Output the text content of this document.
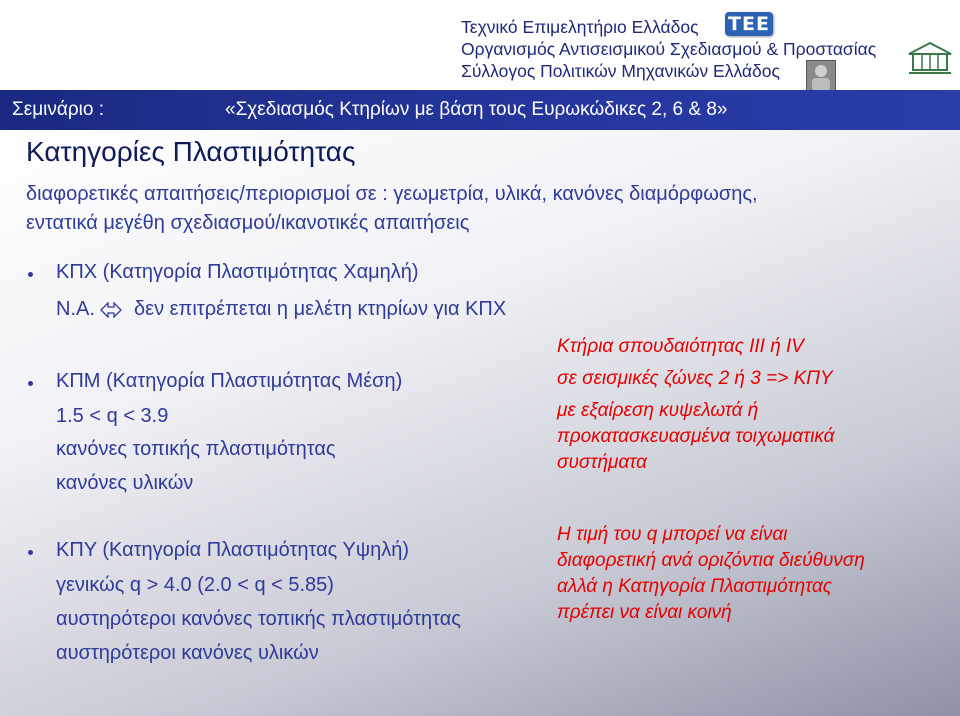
Τεχνικό Επιμελητήριο Ελλάδος
Οργανισμός Αντισεισμικού Σχεδιασμού & Προστασίας
Σύλλογος Πολιτικών Μηχανικών Ελλάδος
ΤΕΕ
Σεμινάριο :	«Σχεδιασμός Κτηρίων με βάση τους Ευρωκώδικες 2, 6 & 8»
Κατηγορίες Πλαστιμότητας
διαφορετικές απαιτήσεις/περιορισμοί σε : γεωμετρία, υλικά, κανόνες διαμόρφωσης,
εντατικά μεγέθη σχεδιασμού/ικανοτικές απαιτήσεις
ΚΠΧ (Κατηγορία Πλαστιμότητας Χαμηλή)
Ν.Α. δεν επιτρέπεται η μελέτη κτηρίων για ΚΠΧ
ΚΠΜ (Κατηγορία Πλαστιμότητας Μέση)
1.5 < q < 3.9
κανόνες τοπικής πλαστιμότητας
κανόνες υλικών
ΚΠΥ (Κατηγορία Πλαστιμότητας Υψηλή)
γενικώς q > 4.0 (2.0 < q < 5.85)
αυστηρότεροι κανόνες τοπικής πλαστιμότητας
αυστηρότεροι κανόνες υλικών
Κτήρια σπουδαιότητας ΙΙΙ ή ΙV
σε σεισμικές ζώνες 2 ή 3 => ΚΠΥ
με εξαίρεση κυψελωτά ή
προκατασκευασμένα τοιχωματικά
συστήματα
Η τιμή του q μπορεί να είναι
διαφορετική ανά οριζόντια διεύθυνση
αλλά η Κατηγορία Πλαστιμότητας
πρέπει να είναι κοινή
